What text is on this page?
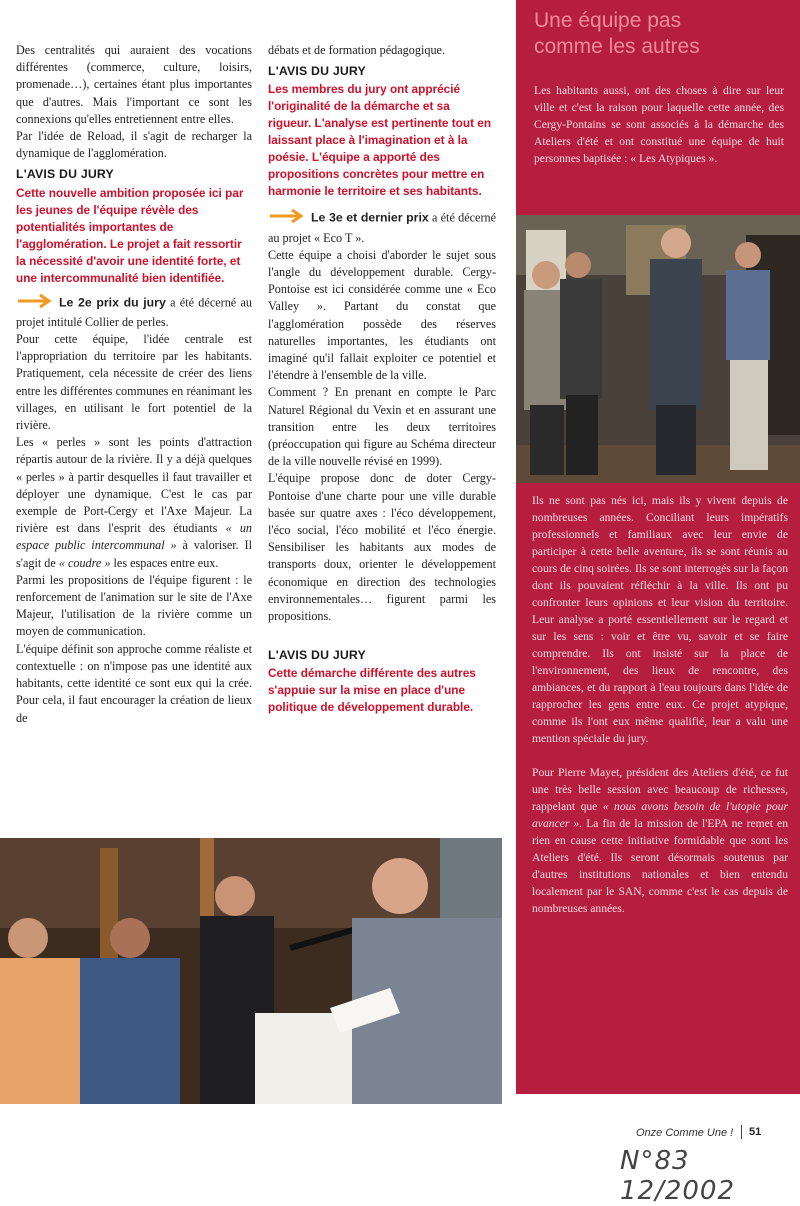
Des centralités qui auraient des vocations différentes (commerce, culture, loisirs, promenade…), certaines étant plus importantes que d'autres. Mais l'important ce sont les connexions qu'elles entretiennent entre elles.

Par l'idée de Reload, il s'agit de recharger la dynamique de l'agglomération.

L'AVIS DU JURY

Cette nouvelle ambition proposée ici par les jeunes de l'équipe révèle des potentialités importantes de l'agglomération. Le projet a fait ressortir la nécessité d'avoir une identité forte, et une intercommunalité bien identifiée.

Le 2e prix du jury a été décerné au projet intitulé Collier de perles.

Pour cette équipe, l'idée centrale est l'appropriation du territoire par les habitants. Pratiquement, cela nécessite de créer des liens entre les différentes communes en réanimant les villages, en utilisant le fort potentiel de la rivière.

Les « perles » sont les points d'attraction répartis autour de la rivière. Il y a déjà quelques « perles » à partir desquelles il faut travailler et déployer une dynamique. C'est le cas par exemple de Port-Cergy et l'Axe Majeur. La rivière est dans l'esprit des étudiants « un espace public intercommunal » à valoriser. Il s'agit de « coudre » les espaces entre eux.

Parmi les propositions de l'équipe figurent : le renforcement de l'animation sur le site de l'Axe Majeur, l'utilisation de la rivière comme un moyen de communication.

L'équipe définit son approche comme réaliste et contextuelle : on n'impose pas une identité aux habitants, cette identité ce sont eux qui la crée. Pour cela, il faut encourager la création de lieux de

débats et de formation pédagogique.

L'AVIS DU JURY

Les membres du jury ont apprécié l'originalité de la démarche et sa rigueur. L'analyse est pertinente tout en laissant place à l'imagination et à la poésie. L'équipe a apporté des propositions concrètes pour mettre en harmonie le territoire et ses habitants.

Le 3e et dernier prix a été décerné au projet « Eco T ».

Cette équipe a choisi d'aborder le sujet sous l'angle du développement durable. Cergy-Pontoise est ici considérée comme une « Eco Valley ». Partant du constat que l'agglomération possède des réserves naturelles importantes, les étudiants ont imaginé qu'il fallait exploiter ce potentiel et l'étendre à l'ensemble de la ville.

Comment ? En prenant en compte le Parc Naturel Régional du Vexin et en assurant une transition entre les deux territoires (préoccupation qui figure au Schéma directeur de la ville nouvelle révisé en 1999).

L'équipe propose donc de doter Cergy-Pontoise d'une charte pour une ville durable basée sur quatre axes : l'éco développement, l'éco social, l'éco mobilité et l'éco énergie. Sensibiliser les habitants aux modes de transports doux, orienter le développement économique en direction des technologies environnementales… figurent parmi les propositions.

L'AVIS DU JURY

Cette démarche différente des autres s'appuie sur la mise en place d'une politique de développement durable.

Une équipe pas comme les autres

Les habitants aussi, ont des choses à dire sur leur ville et c'est la raison pour laquelle cette année, des Cergy-Pontains se sont associés à la démarche des Ateliers d'été et ont constitué une équipe de huit personnes baptisée : « Les Atypiques ».

Ils ne sont pas nés ici, mais ils y vivent depuis de nombreuses années. Conciliant leurs impératifs professionnels et familiaux avec leur envie de participer à cette belle aventure, ils se sont réunis au cours de cinq soirées. Ils se sont interrogés sur la façon dont ils pouvaient réfléchir à la ville. Ils ont pu confronter leurs opinions et leur vision du territoire. Leur analyse a porté essentiellement sur le regard et sur les sens : voir et être vu, savoir et se faire comprendre. Ils ont insisté sur la place de l'environnement, des lieux de rencontre, des ambiances, et du rapport à l'eau toujours dans l'idée de rapprocher les gens entre eux. Ce projet atypique, comme ils l'ont eux même qualifié, leur a valu une mention spéciale du jury.

Pour Pierre Mayet, président des Ateliers d'été, ce fut une très belle session avec beaucoup de richesses, rappelant que « nous avons besoin de l'utopie pour avancer ». La fin de la mission de l'EPA ne remet en rien en cause cette initiative formidable que sont les Ateliers d'été. Ils seront désormais soutenus par d'autres institutions nationales et bien entendu localement par le SAN, comme c'est le cas depuis de nombreuses années.

Onze Comme Une ! 51
N°83 12/2002
